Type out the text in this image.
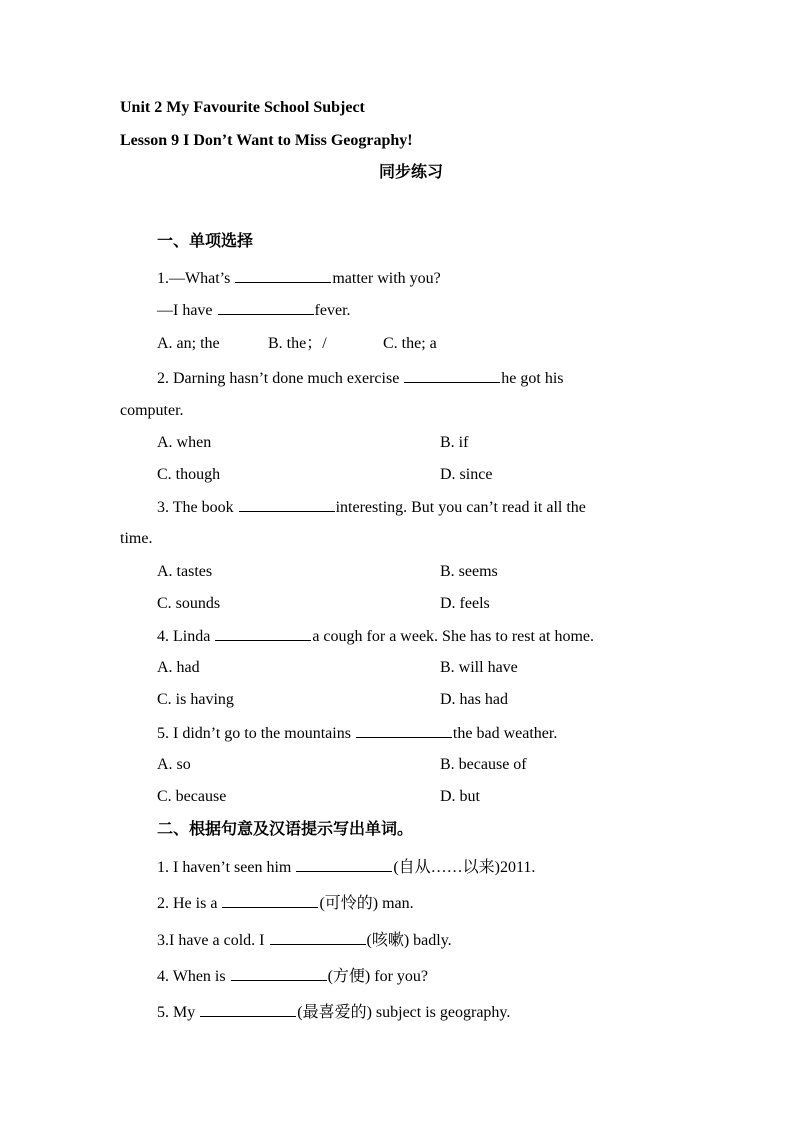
Unit 2 My Favourite School Subject
Lesson 9 I Don’t Want to Miss Geography!
同步练习
一、单项选择
1.—What’s	matter with you?
—I have	fever.
A. an; the	B. the；/	C. the; a
2. Darning hasn’t done much exercise	he got his
computer.
A. when	B. if
C. though	D. since
3. The book	interesting. But you can’t read it all the
time.
A. tastes	B. seems
C. sounds	D. feels
4. Linda	a cough for a week. She has to rest at home.
A. had	B. will have
C. is having	D. has had
5. I didn’t go to the mountains	the bad weather.
A. so	B. because of
C. because	D. but
二、根据句意及汉语提示写出单词。
1. I haven’t seen him	(自从……以来)2011.
2. He is a	(可怜的) man.
3.I have a cold. I	(咳嗽) badly.
4. When is	(方便) for you?
5. My	(最喜爱的) subject is geography.
